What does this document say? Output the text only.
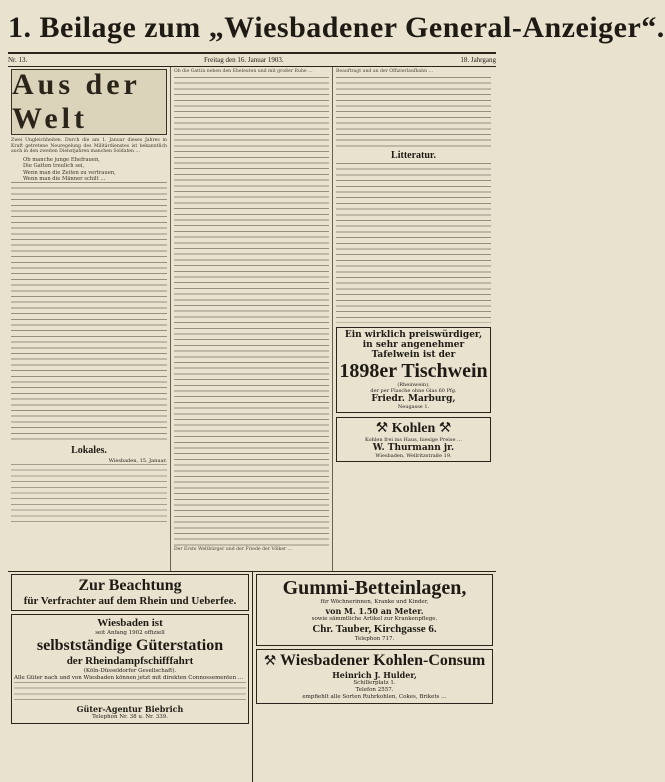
1. Beilage zum „Wiesbadener General-Anzeiger“.
Nr. 13.	Freitag den 16. Januar 1903.	18. Jahrgang
Aus der Welt

Zwei Ungleichheiten. Durch die am 1. Januar dieses Jahres in Kraft getretene Neuregelung des Militärdienstes ist bekanntlich auch in den zweiten Dienstjahren manchen Soldaten …

Ob manche junge Ehefrauen,
Die Gatten treulich sei,
Wenn man die Zeiten zu vertrauen,
Wenn man die Männer schilt …
Lokales.
Wiesbaden, 15. Januar.

Ob die Gattin neben den Eheleuten und mit großer Ruhe …

Der Erste Weltbürger und der Friede der Völker …

Beauftragt und an der Offizierlaufbahn …

Litteratur.
Ein wirklich preiswürdiger, in sehr angenehmer Tafelwein ist der
1898er Tischwein
(Rheinwein),
der per Flasche ohne Glas 60 Pfg.
Friedr. Marburg,
Neugasse 1.
⚒ Kohlen ⚒
Kohlen frei ins Haus, hiesige Preise …
W. Thurmann jr.
Wiesbaden, Wellritzstraße 19.
Zur Beachtung
für Verfrachter auf dem Rhein und Ueberfee.
Wiesbaden ist
seit Anfang 1902 offiziell
selbstständige Güterstation
der Rheindampfschifffahrt
(Köln-Düsseldorfer Gesellschaft).
Alle Güter nach und von Wiesbaden können jetzt mit direkten Connossementen …
Güter-Agentur Biebrich
Telephon Nr. 38 u. Nr. 339.
Gummi-Betteinlagen,
für Wöchnerinnen, Kranke und Kinder,
von M. 1.50 an Meter.
sowie sämmtliche Artikel zur Krankenpflege.
Chr. Tauber, Kirchgasse 6.
Telephon 717.
⚒ Wiesbadener Kohlen-Consum
Heinrich J. Hulder,
Schillerplatz 1.
Telefon 2557.
empfiehlt alle Sorten Ruhrkohlen, Cokes, Brikets …
